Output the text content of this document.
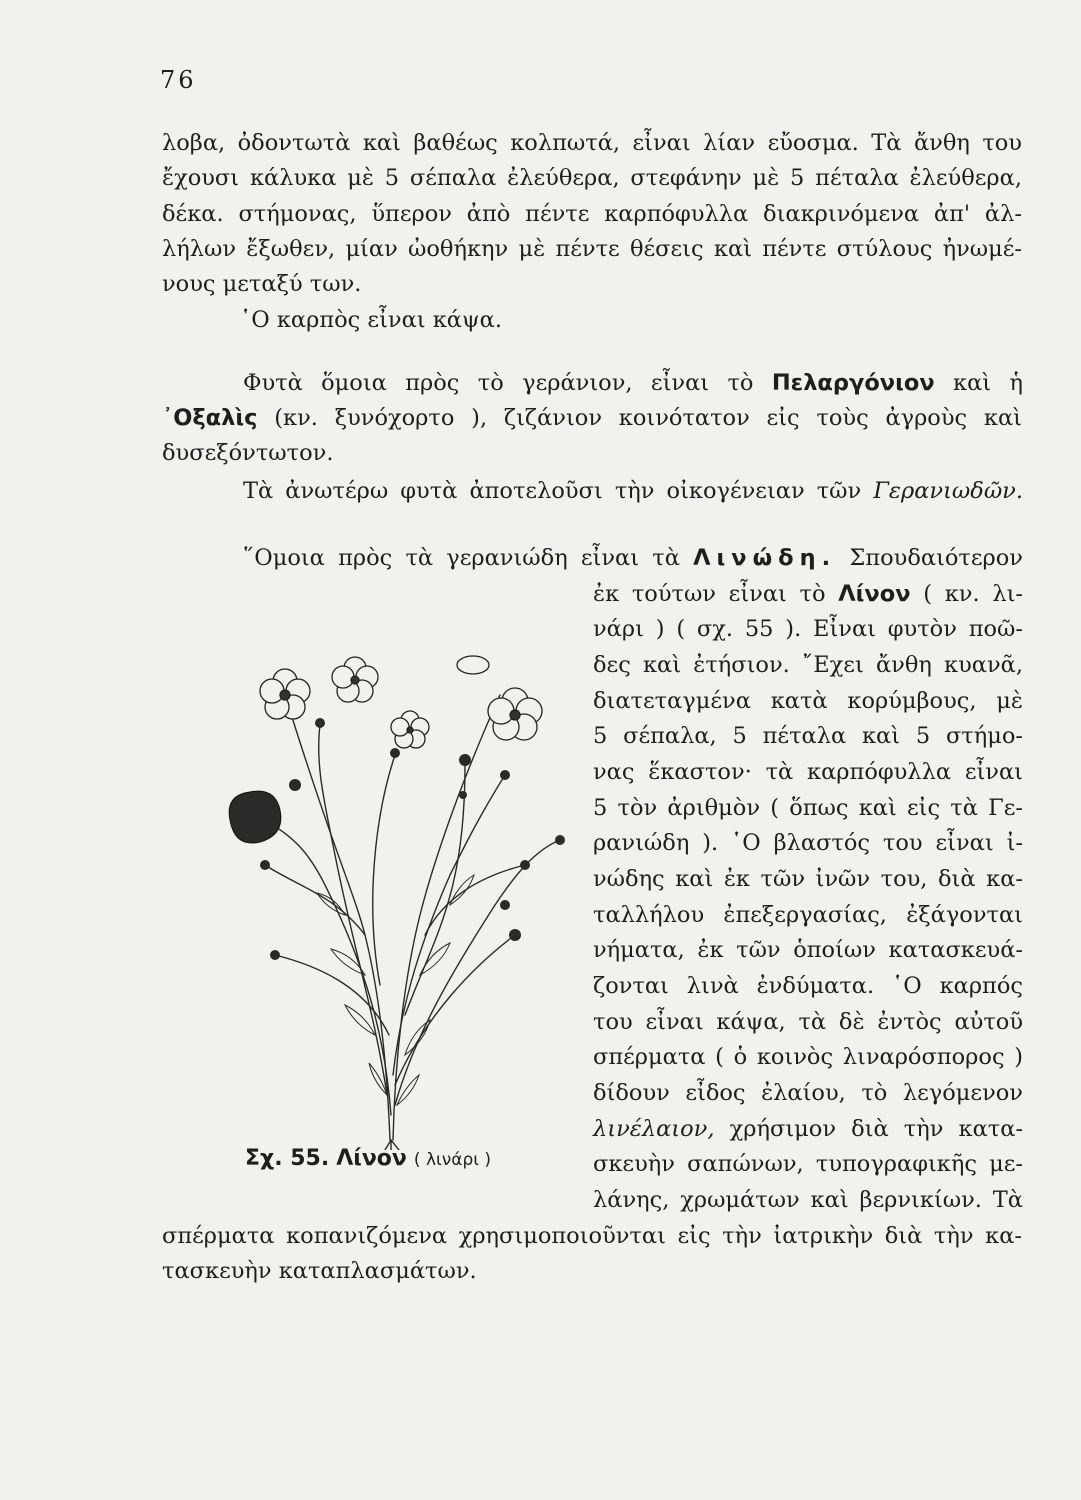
76
λοβα, ὀδοντωτὰ καὶ βαθέως κολπωτά, εἶναι λίαν εὔοσμα. Τὰ ἄνθη του
ἔχουσι κάλυκα μὲ 5 σέπαλα ἐλεύθερα, στεφάνην μὲ 5 πέταλα ἐλεύθερα,
δέκα. στήμονας, ὕπερον ἀπὸ πέντε καρπόφυλλα διακρινόμενα ἀπ' ἀλ-
λήλων ἔξωθεν, μίαν ὠοθήκην μὲ πέντε θέσεις καὶ πέντε στύλους ἠνωμέ-
νους μεταξύ των.
῾Ο καρπὸς εἶναι κάψα.
Φυτὰ ὅμοια πρὸς τὸ γεράνιον, εἶναι τὸ Πελαργόνιον καὶ ἡ
᾿Οξαλὶς (κν. ξυνόχορτο ), ζιζάνιον κοινότατον εἰς τοὺς ἀγροὺς καὶ
δυσεξόντωτον.
Τὰ ἀνωτέρω φυτὰ ἀποτελοῦσι τὴν οἰκογένειαν τῶν Γερανιωδῶν.
῞Ομοια πρὸς τὰ γερανιώδη εἶναι τὰ Λινώδη. Σπουδαιότερον
ἐκ τούτων εἶναι τὸ Λίνον ( κν. λι-
νάρι ) ( σχ. 55 ). Εἶναι φυτὸν ποῶ-
δες καὶ ἐτήσιον. ῎Εχει ἄνθη κυανᾶ,
διατεταγμένα κατὰ κορύμβους, μὲ
5 σέπαλα, 5 πέταλα καὶ 5 στήμο-
νας ἕκαστον· τὰ καρπόφυλλα εἶναι
5 τὸν ἀριθμὸν ( ὅπως καὶ εἰς τὰ Γε-
ρανιώδη ). ῾Ο βλαστός του εἶναι ἰ-
νώδης καὶ ἐκ τῶν ἰνῶν του, διὰ κα-
ταλλήλου ἐπεξεργασίας, ἐξάγονται
νήματα, ἐκ τῶν ὁποίων κατασκευά-
ζονται λινὰ ἐνδύματα. ῾Ο καρπός
του εἶναι κάψα, τὰ δὲ ἐντὸς αὐτοῦ
σπέρματα ( ὁ κοινὸς λιναρόσπορος )
δίδουν εἶδος ἐλαίου, τὸ λεγόμενον
λινέλαιον, χρήσιμον διὰ τὴν κατα-
σκευὴν σαπώνων, τυπογραφικῆς με-
λάνης, χρωμάτων καὶ βερνικίων. Τὰ
σπέρματα κοπανιζόμενα χρησιμοποιοῦνται εἰς τὴν ἰατρικὴν διὰ τὴν κα-
τασκευὴν καταπλασμάτων.
Σχ. 55. Λίνον ( λινάρι )
